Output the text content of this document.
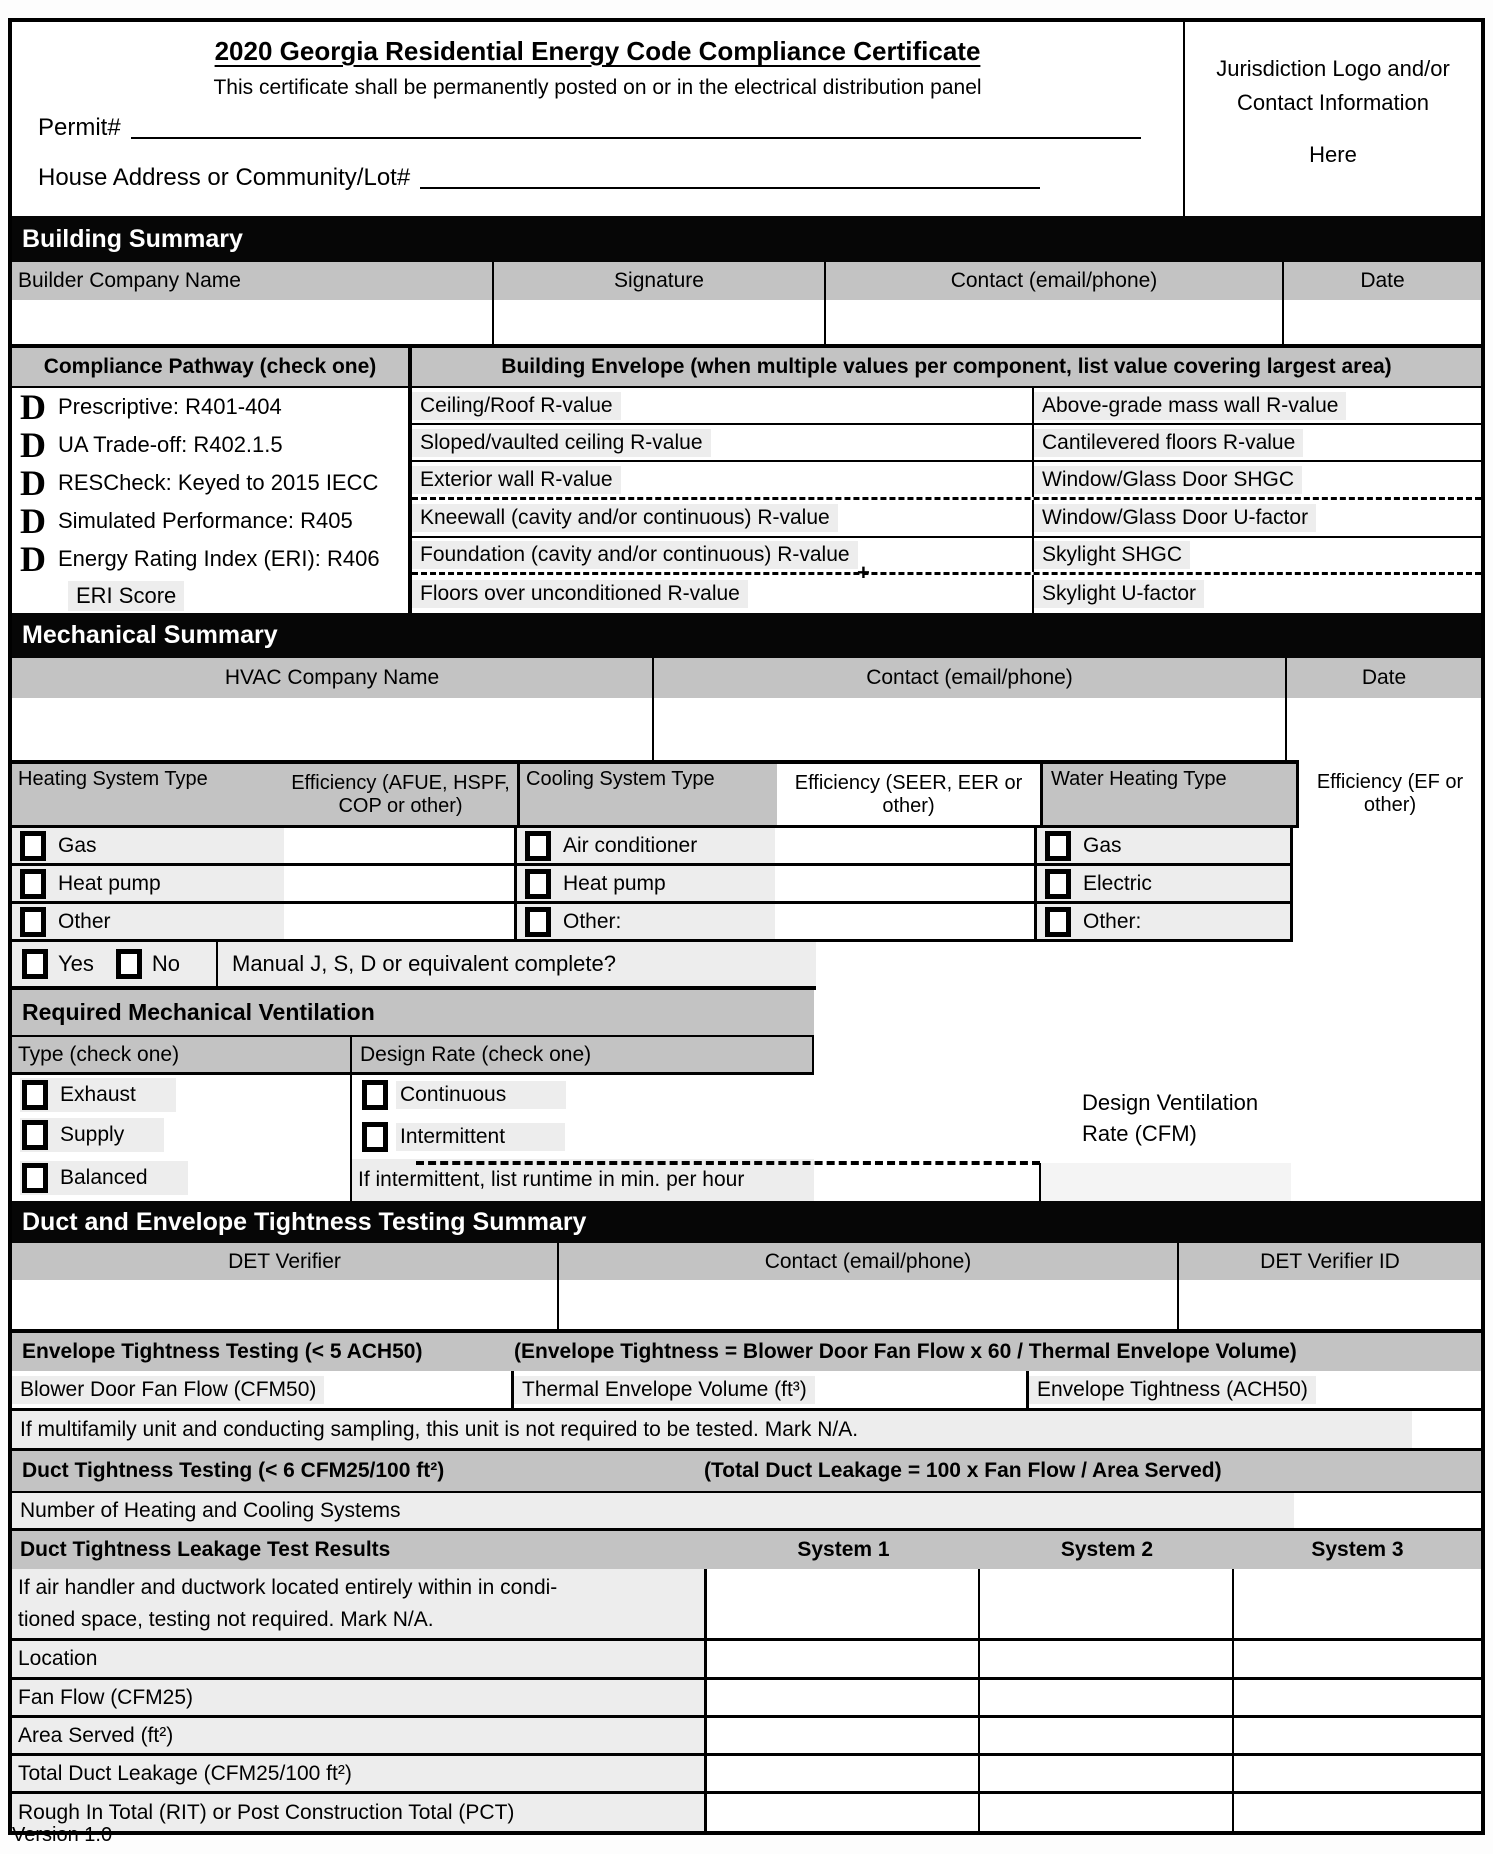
2020 Georgia Residential Energy Code Compliance Certificate
This certificate shall be permanently posted on or in the electrical distribution panel
Permit#
House Address or Community/Lot#
Jurisdiction Logo and/or
Contact Information
Here
Building Summary
Builder Company Name	Signature	Contact (email/phone)	Date
Compliance Pathway (check one)
D Prescriptive: R401-404
D UA Trade-off: R402.1.5
D RESCheck: Keyed to 2015 IECC
D Simulated Performance: R405
D Energy Rating Index (ERI): R406
ERI Score
Building Envelope (when multiple values per component, list value covering largest area)
Ceiling/Roof R-value	Above-grade mass wall R-value
Sloped/vaulted ceiling R-value	Cantilevered floors R-value
Exterior wall R-value	Window/Glass Door SHGC
Kneewall (cavity and/or continuous) R-value	Window/Glass Door U-factor
Foundation (cavity and/or continuous) R-value	Skylight SHGC
+
Floors over unconditioned R-value	Skylight U-factor
Mechanical Summary
HVAC Company Name	Contact (email/phone)	Date
Heating System Type	Efficiency (AFUE, HSPF, COP or other)
Cooling System Type	Efficiency (SEER, EER or other)
Water Heating Type	Efficiency (EF or other)
Gas	Air conditioner	Gas
Heat pump	Heat pump	Electric
Other	Other:	Other:
Yes	No	Manual J, S, D or equivalent complete?
Required Mechanical Ventilation
Type (check one)	Design Rate (check one)
Exhaust
Supply
Balanced
Continuous
Intermittent
If intermittent, list runtime in min. per hour
Design Ventilation
Rate (CFM)
Duct and Envelope Tightness Testing Summary
DET Verifier	Contact (email/phone)	DET Verifier ID
Envelope Tightness Testing (< 5 ACH50)	(Envelope Tightness = Blower Door Fan Flow x 60 / Thermal Envelope Volume)
Blower Door Fan Flow (CFM50)	Thermal Envelope Volume (ft³)	Envelope Tightness (ACH50)
If multifamily unit and conducting sampling, this unit is not required to be tested. Mark N/A.
Duct Tightness Testing (< 6 CFM25/100 ft²)	(Total Duct Leakage = 100 x Fan Flow / Area Served)
Number of Heating and Cooling Systems
Duct Tightness Leakage Test Results	System 1	System 2	System 3
If air handler and ductwork located entirely within in condi-
tioned space, testing not required. Mark N/A.
Location
Fan Flow (CFM25)
Area Served (ft²)
Total Duct Leakage (CFM25/100 ft²)
Rough In Total (RIT) or Post Construction Total (PCT)
Version 1.0
